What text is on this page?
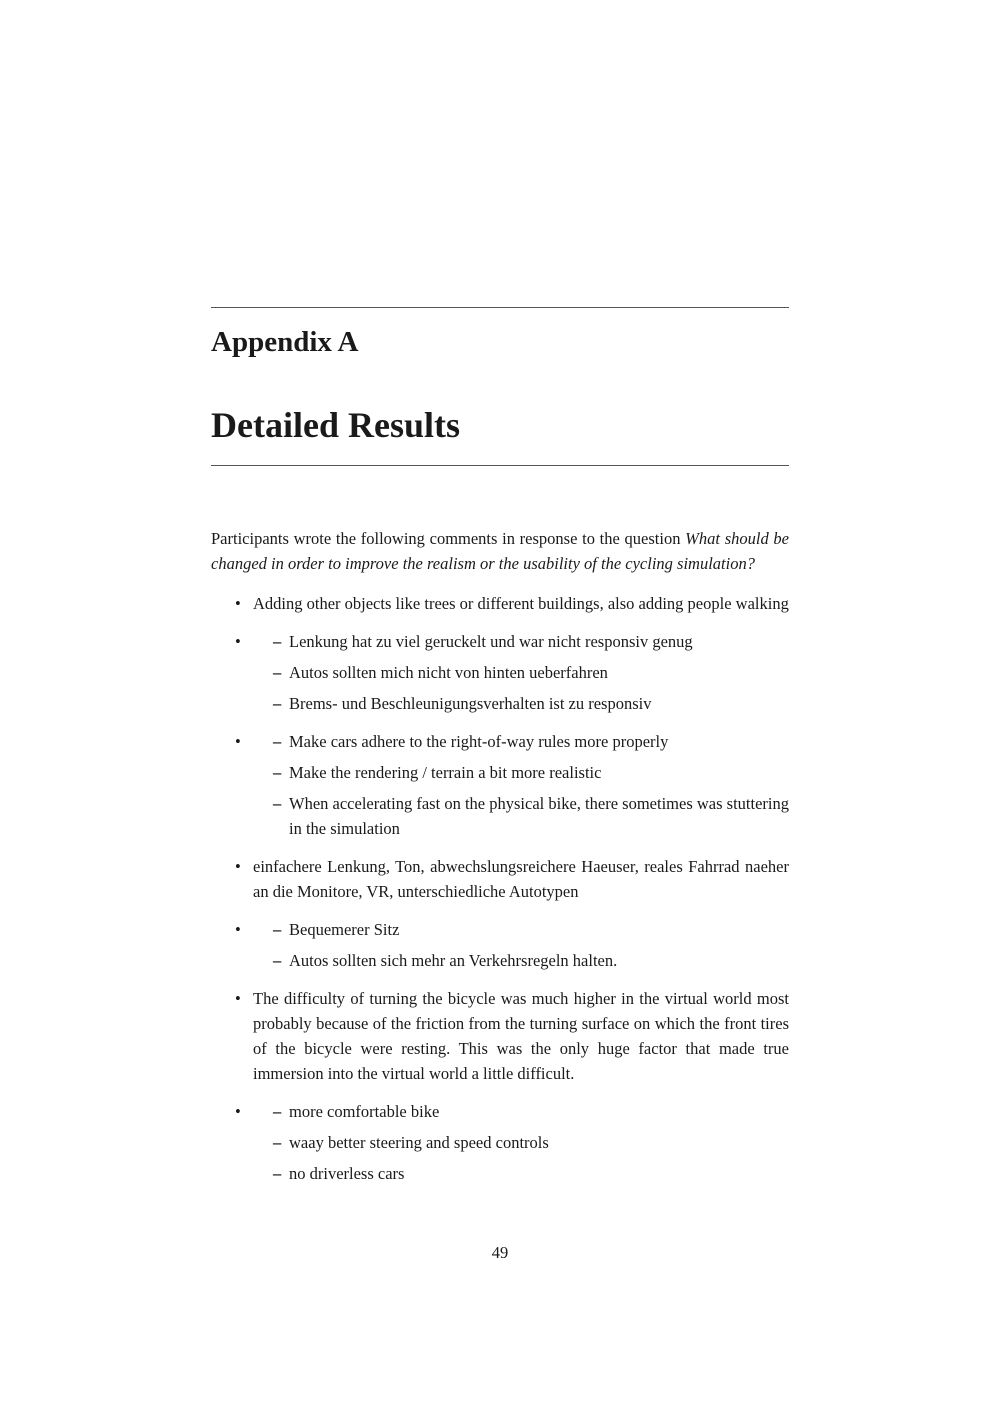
Appendix A
Detailed Results

Participants wrote the following comments in response to the question What should be changed in order to improve the realism or the usability of the cycling simulation?

• Adding other objects like trees or different buildings, also adding people walking
– • Lenkung hat zu viel geruckelt und war nicht responsiv genug
– Autos sollten mich nicht von hinten ueberfahren
– Brems- und Beschleunigungsverhalten ist zu responsiv
– • Make cars adhere to the right-of-way rules more properly
– Make the rendering / terrain a bit more realistic
– When accelerating fast on the physical bike, there sometimes was stuttering in the simulation
• einfachere Lenkung, Ton, abwechslungsreichere Haeuser, reales Fahrrad naeher an die Monitore, VR, unterschiedliche Autotypen
– • Bequemerer Sitz
– Autos sollten sich mehr an Verkehrsregeln halten.
• The difficulty of turning the bicycle was much higher in the virtual world most probably because of the friction from the turning surface on which the front tires of the bicycle were resting. This was the only huge factor that made true immersion into the virtual world a little difficult.
– • more comfortable bike
– waay better steering and speed controls
– no driverless cars
49
